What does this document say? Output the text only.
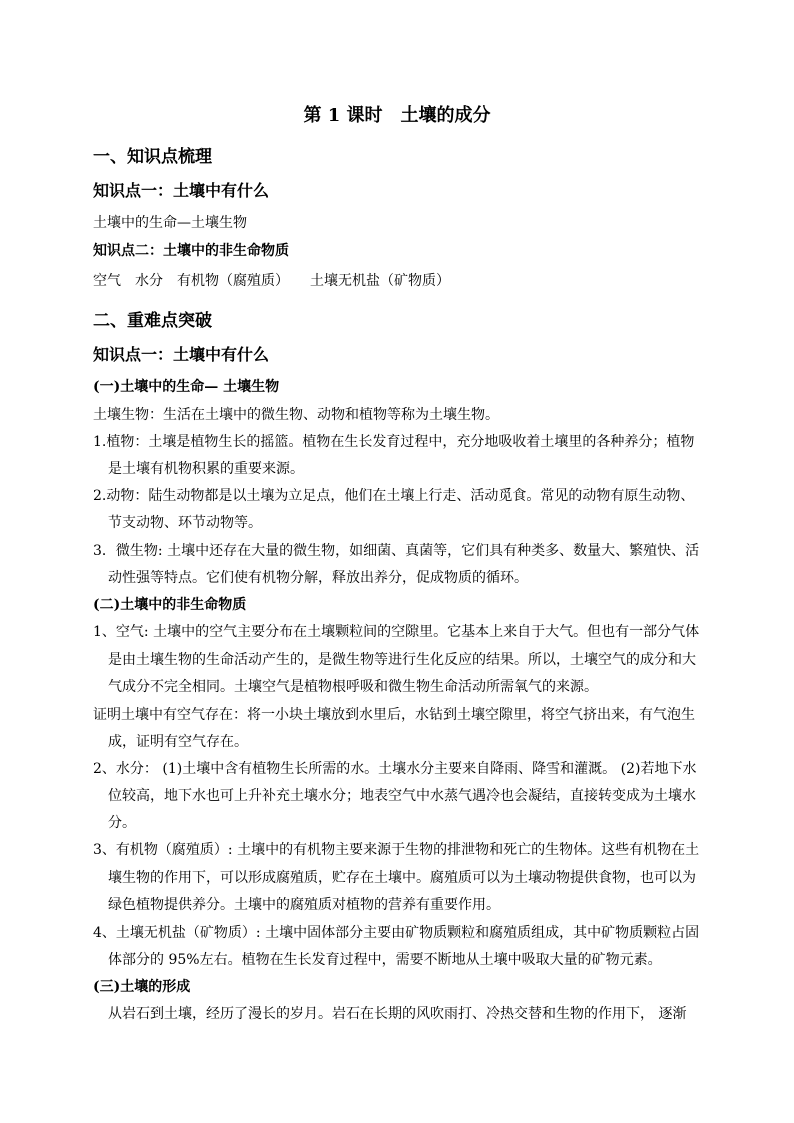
第 1 课时　土壤的成分
一、知识点梳理
知识点一：土壤中有什么
土壤中的生命—土壤生物
知识点二：土壤中的非生命物质
空气　水分　有机物（腐殖质）　　土壤无机盐（矿物质）
二、重难点突破
知识点一：土壤中有什么
(一)土壤中的生命— 土壤生物
土壤生物：生活在土壤中的微生物、动物和植物等称为土壤生物。
1.植物：土壤是植物生长的摇篮。植物在生长发育过程中，充分地吸收着土壤里的各种养分；植物
是土壤有机物积累的重要来源。
2.动物：陆生动物都是以土壤为立足点，他们在土壤上行走、活动觅食。常见的动物有原生动物、
节支动物、环节动物等。
3．微生物: 土壤中还存在大量的微生物，如细菌、真菌等，它们具有种类多、数量大、繁殖快、活
动性强等特点。它们使有机物分解，释放出养分，促成物质的循环。
(二)土壤中的非生命物质
1、空气: 土壤中的空气主要分布在土壤颗粒间的空隙里。它基本上来自于大气。但也有一部分气体
是由土壤生物的生命活动产生的，是微生物等进行生化反应的结果。所以，土壤空气的成分和大
气成分不完全相同。土壤空气是植物根呼吸和微生物生命活动所需氧气的来源。
证明土壤中有空气存在：将一小块土壤放到水里后，水钻到土壤空隙里，将空气挤出来，有气泡生
成，证明有空气存在。
2、水分： (1)土壤中含有植物生长所需的水。土壤水分主要来自降雨、降雪和灌溉。 (2)若地下水
位较高，地下水也可上升补充土壤水分；地表空气中水蒸气遇冷也会凝结，直接转变成为土壤水
分。
3、有机物（腐殖质）: 土壤中的有机物主要来源于生物的排泄物和死亡的生物体。这些有机物在土
壤生物的作用下，可以形成腐殖质，贮存在土壤中。腐殖质可以为土壤动物提供食物，也可以为
绿色植物提供养分。土壤中的腐殖质对植物的营养有重要作用。
4、土壤无机盐（矿物质）: 土壤中固体部分主要由矿物质颗粒和腐殖质组成，其中矿物质颗粒占固
体部分的 95%左右。植物在生长发育过程中，需要不断地从土壤中吸取大量的矿物元素。
(三)土壤的形成
从岩石到土壤，经历了漫长的岁月。岩石在长期的风吹雨打、冷热交替和生物的作用下， 逐渐
